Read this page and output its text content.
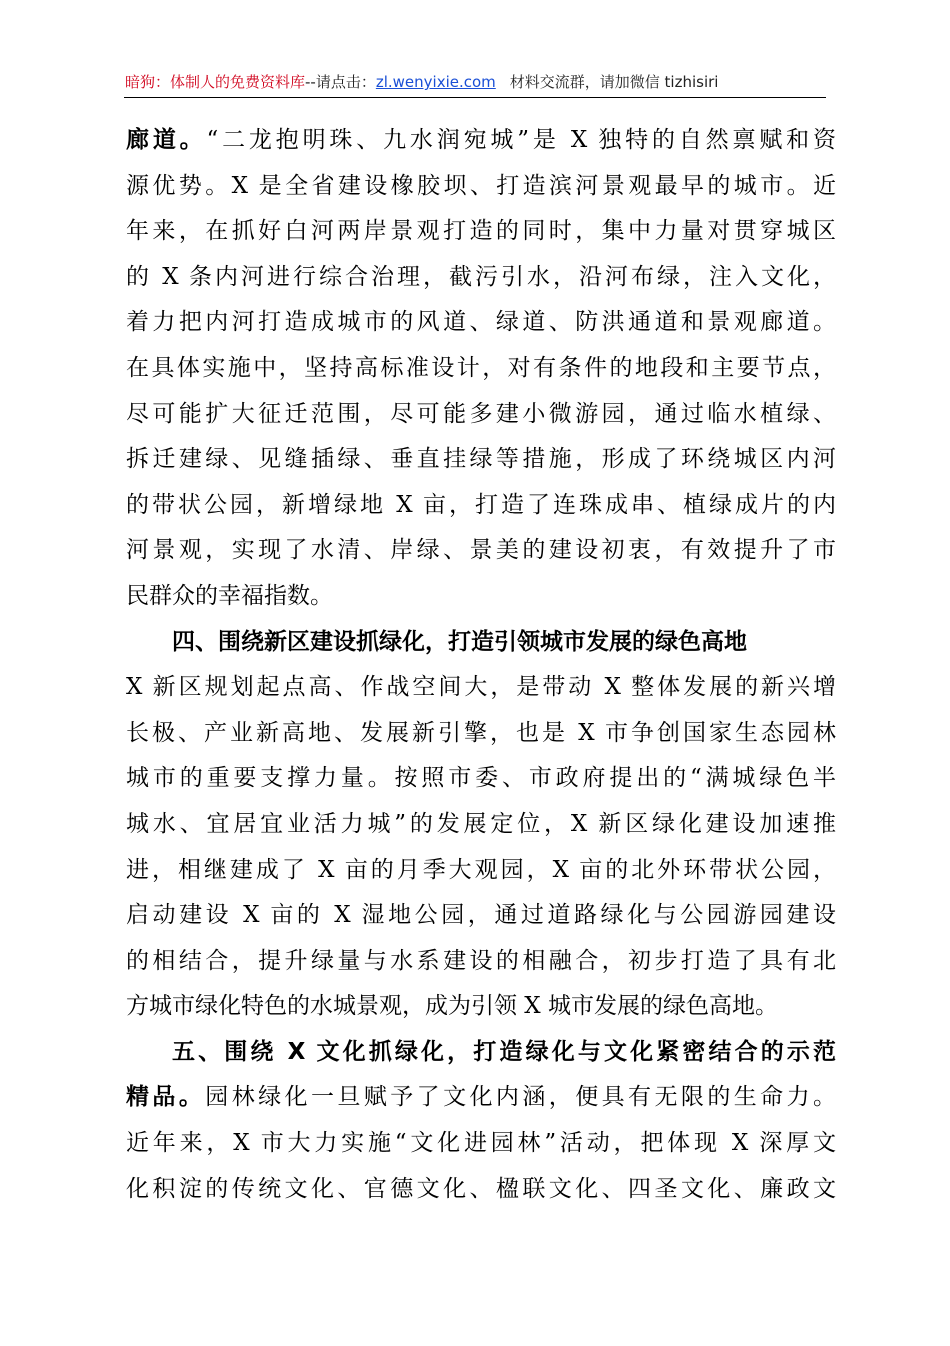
暗狗：体制人的免费资料库--请点击：zl.wenyixie.com 材料交流群，请加微信 tizhisiri
廊道。“二龙抱明珠、九水润宛城”是 X 独特的自然禀赋和资
源优势。X 是全省建设橡胶坝、打造滨河景观最早的城市。近
年来，在抓好白河两岸景观打造的同时，集中力量对贯穿城区
的 X 条内河进行综合治理，截污引水，沿河布绿，注入文化，
着力把内河打造成城市的风道、绿道、防洪通道和景观廊道。
在具体实施中，坚持高标准设计，对有条件的地段和主要节点，
尽可能扩大征迁范围，尽可能多建小微游园，通过临水植绿、
拆迁建绿、见缝插绿、垂直挂绿等措施，形成了环绕城区内河
的带状公园，新增绿地 X 亩，打造了连珠成串、植绿成片的内
河景观，实现了水清、岸绿、景美的建设初衷，有效提升了市
民群众的幸福指数。
四、围绕新区建设抓绿化，打造引领城市发展的绿色高地
X 新区规划起点高、作战空间大，是带动 X 整体发展的新兴增
长极、产业新高地、发展新引擎，也是 X 市争创国家生态园林
城市的重要支撑力量。按照市委、市政府提出的“满城绿色半
城水、宜居宜业活力城”的发展定位，X 新区绿化建设加速推
进，相继建成了 X 亩的月季大观园，X 亩的北外环带状公园，
启动建设 X 亩的 X 湿地公园，通过道路绿化与公园游园建设
的相结合，提升绿量与水系建设的相融合，初步打造了具有北
方城市绿化特色的水城景观，成为引领 X 城市发展的绿色高地。
五、围绕 X 文化抓绿化，打造绿化与文化紧密结合的示范
精品。园林绿化一旦赋予了文化内涵，便具有无限的生命力。
近年来，X 市大力实施“文化进园林”活动，把体现 X 深厚文
化积淀的传统文化、官德文化、楹联文化、四圣文化、廉政文
